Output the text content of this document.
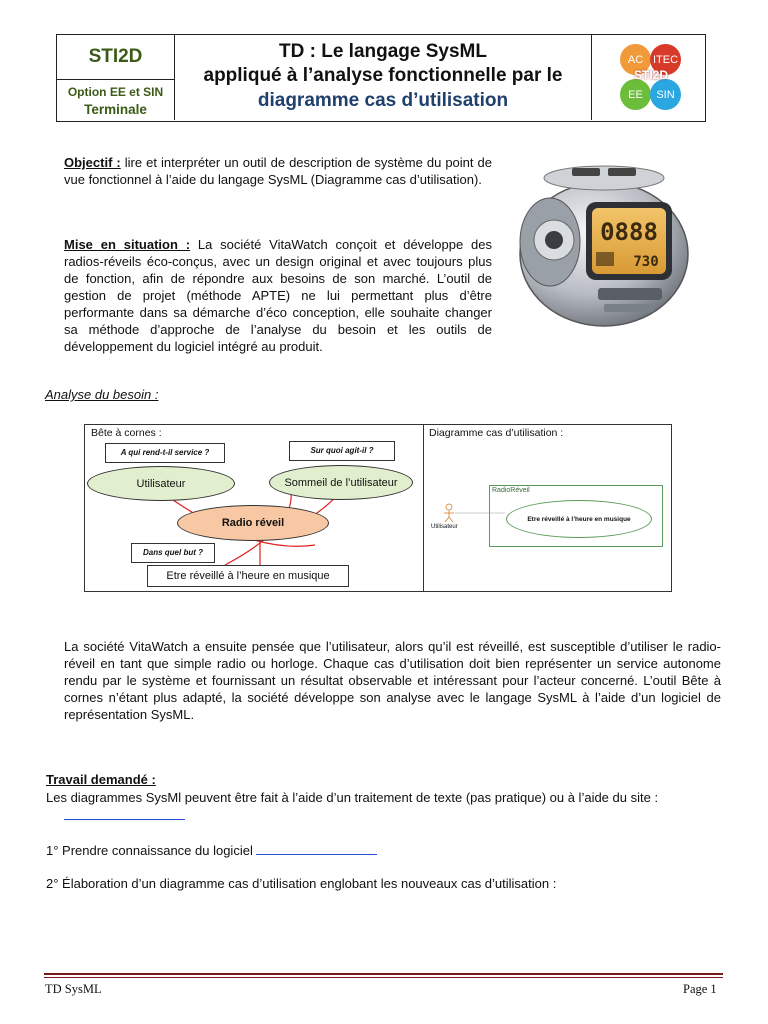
STI2D
Option EE et SIN
Terminale
TD : Le langage SysML
appliqué à l’analyse fonctionnelle par le
diagramme cas d’utilisation
AC ITEC
EE	SIN
STI2D

Objectif : lire et interpréter un outil de description de système du point de vue fonctionnel à l’aide du langage SysML (Diagramme cas d’utilisation).

Mise en situation : La société VitaWatch conçoit et développe des radios-réveils éco-conçus, avec un design original et avec toujours plus de fonction, afin de répondre aux besoins de son marché. L’outil de gestion de projet (méthode APTE) ne lui permettant plus d’être performante dans sa démarche d’éco conception, elle souhaite changer sa méthode d’approche de l’analyse du besoin et les outils de développement du logiciel intégré au produit.

0888
730
Analyse du besoin :
Bête à cornes :
A qui rend-t-il service ?	Sur quoi agit-il ?
Utilisateur	Sommeil de l’utilisateur
Radio réveil
Dans quel but ?
Etre réveillé à l’heure en musique
Diagramme cas d’utilisation :
RadioRéveil
Etre réveillé à l’heure en musique
Utilisateur

La société VitaWatch a ensuite pensée que l’utilisateur, alors qu’il est réveillé, est susceptible d’utiliser le radio-réveil en tant que simple radio ou horloge. Chaque cas d’utilisation doit bien représenter un service autonome rendu par le système et fournissant un résultat observable et intéressant pour l’acteur concerné. L’outil Bête à cornes n’étant plus adapté, la société développe son analyse avec le langage SysML à l’aide d’un logiciel de représentation SysML.

Travail demandé :
Les diagrammes SysMl peuvent être fait à l’aide d’un traitement de texte (pas pratique) ou à l’aide du site :
1° Prendre connaissance du logiciel
2° Élaboration d’un diagramme cas d’utilisation englobant les nouveaux cas d’utilisation :
TD SysML	Page 1
